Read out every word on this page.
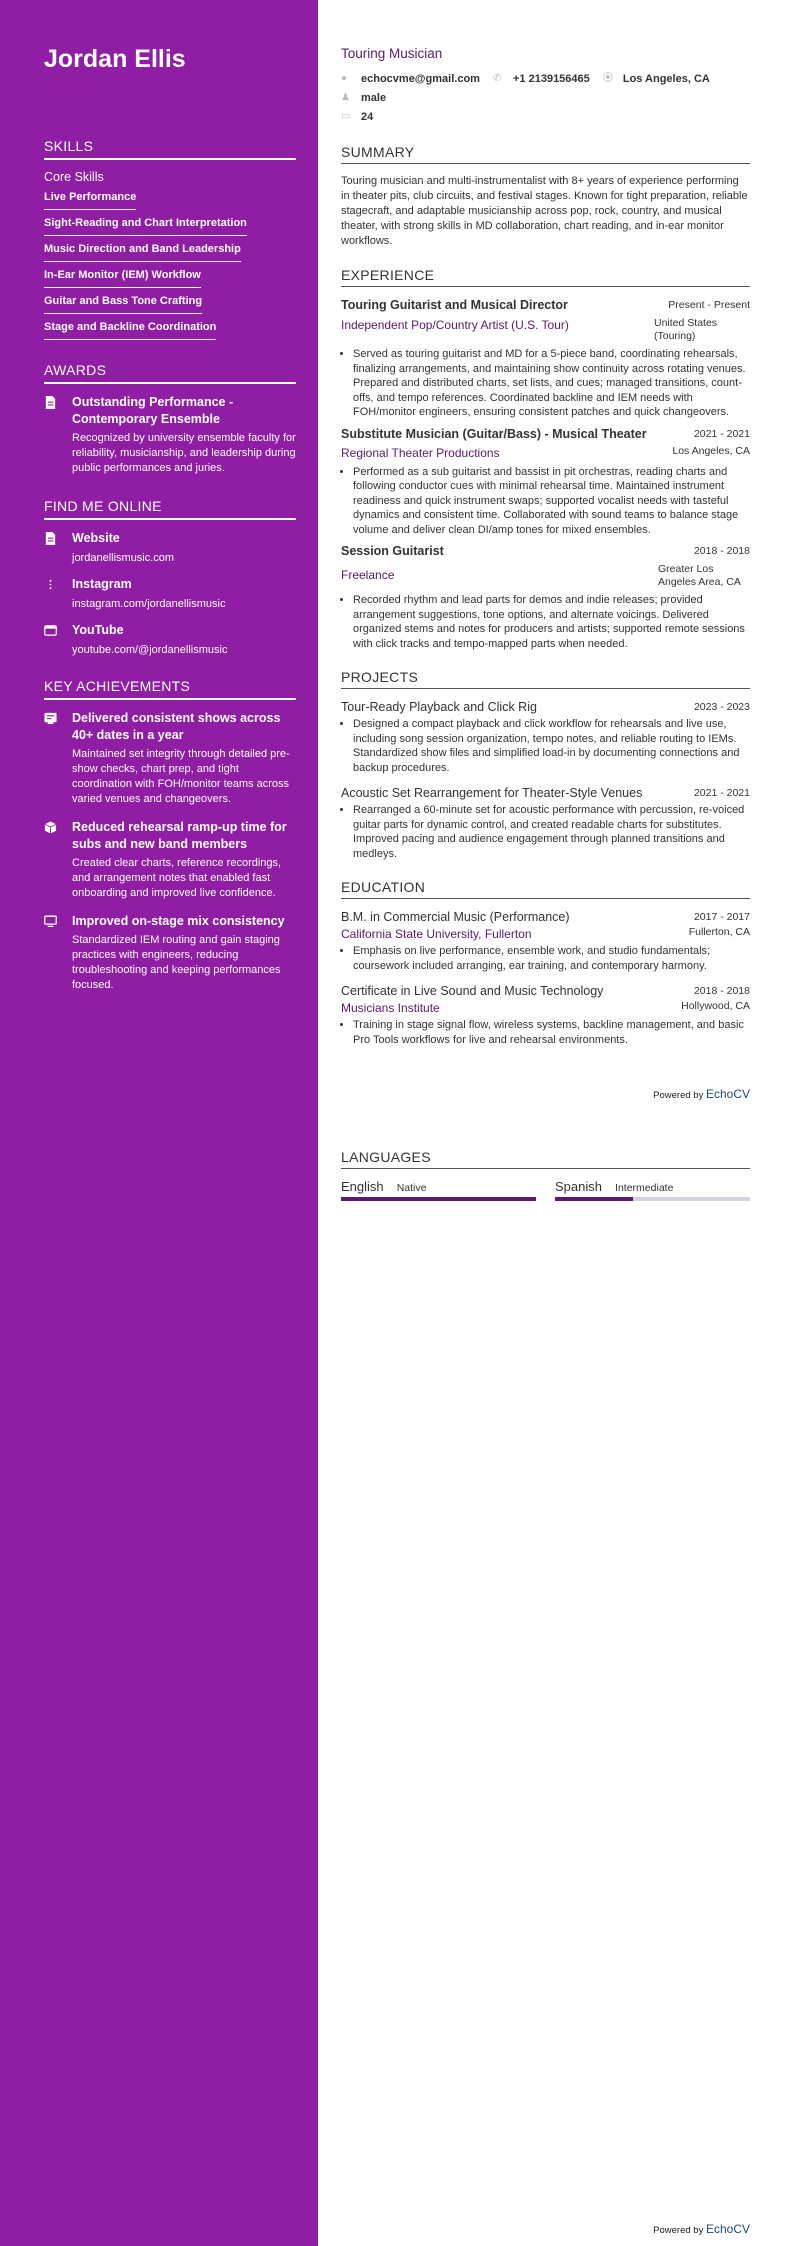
Jordan Ellis
SKILLS
Core Skills
Live Performance
Sight-Reading and Chart Interpretation
Music Direction and Band Leadership
In-Ear Monitor (IEM) Workflow
Guitar and Bass Tone Crafting
Stage and Backline Coordination
AWARDS
Outstanding Performance - Contemporary Ensemble
Recognized by university ensemble faculty for reliability, musicianship, and leadership during public performances and juries.
FIND ME ONLINE
Website
jordanellismusic.com
Instagram
instagram.com/jordanellismusic
YouTube
youtube.com/@jordanellismusic
KEY ACHIEVEMENTS
Delivered consistent shows across 40+ dates in a year
Maintained set integrity through detailed pre-show checks, chart prep, and tight coordination with FOH/monitor teams across varied venues and changeovers.
Reduced rehearsal ramp-up time for subs and new band members
Created clear charts, reference recordings, and arrangement notes that enabled fast onboarding and improved live confidence.
Improved on-stage mix consistency
Standardized IEM routing and gain staging practices with engineers, reducing troubleshooting and keeping performances focused.
Touring Musician
●	echocvme@gmail.com
✆	+1 2139156465
⦿ Los Angeles, CA

♟	male

▭ 24
SUMMARY
Touring musician and multi-instrumentalist with 8+ years of experience performing in theater pits, club circuits, and festival stages. Known for tight preparation, reliable stagecraft, and adaptable musicianship across pop, rock, country, and musical theater, with strong skills in MD collaboration, chart reading, and in-ear monitor workflows.
EXPERIENCE
Touring Guitarist and Musical Director	Present - Present
Independent Pop/Country Artist (U.S. Tour)	United States (Touring)
• Served as touring guitarist and MD for a 5-piece band, coordinating rehearsals, finalizing arrangements, and maintaining show continuity across rotating venues. Prepared and distributed charts, set lists, and cues; managed transitions, count-offs, and tempo references. Coordinated backline and IEM needs with FOH/monitor engineers, ensuring consistent patches and quick changeovers.
Substitute Musician (Guitar/Bass) - Musical Theater	2021 - 2021
Regional Theater Productions	Los Angeles, CA
• Performed as a sub guitarist and bassist in pit orchestras, reading charts and following conductor cues with minimal rehearsal time. Maintained instrument readiness and quick instrument swaps; supported vocalist needs with tasteful dynamics and consistent time. Collaborated with sound teams to balance stage volume and deliver clean DI/amp tones for mixed ensembles.
Session Guitarist	2018 - 2018
Freelance	Greater Los Angeles Area, CA
• Recorded rhythm and lead parts for demos and indie releases; provided arrangement suggestions, tone options, and alternate voicings. Delivered organized stems and notes for producers and artists; supported remote sessions with click tracks and tempo-mapped parts when needed.
PROJECTS
Tour-Ready Playback and Click Rig	2023 - 2023
• Designed a compact playback and click workflow for rehearsals and live use, including song session organization, tempo notes, and reliable routing to IEMs. Standardized show files and simplified load-in by documenting connections and backup procedures.
Acoustic Set Rearrangement for Theater-Style Venues	2021 - 2021
• Rearranged a 60-minute set for acoustic performance with percussion, re-voiced guitar parts for dynamic control, and created readable charts for substitutes. Improved pacing and audience engagement through planned transitions and medleys.
EDUCATION
B.M. in Commercial Music (Performance)	2017 - 2017
California State University, Fullerton	Fullerton, CA
• Emphasis on live performance, ensemble work, and studio fundamentals; coursework included arranging, ear training, and contemporary harmony.
Certificate in Live Sound and Music Technology	2018 - 2018
Musicians Institute	Hollywood, CA
• Training in stage signal flow, wireless systems, backline management, and basic Pro Tools workflows for live and rehearsal environments.
Powered by EchoCV
LANGUAGES
English Native	Spanish Intermediate
Powered by EchoCV
